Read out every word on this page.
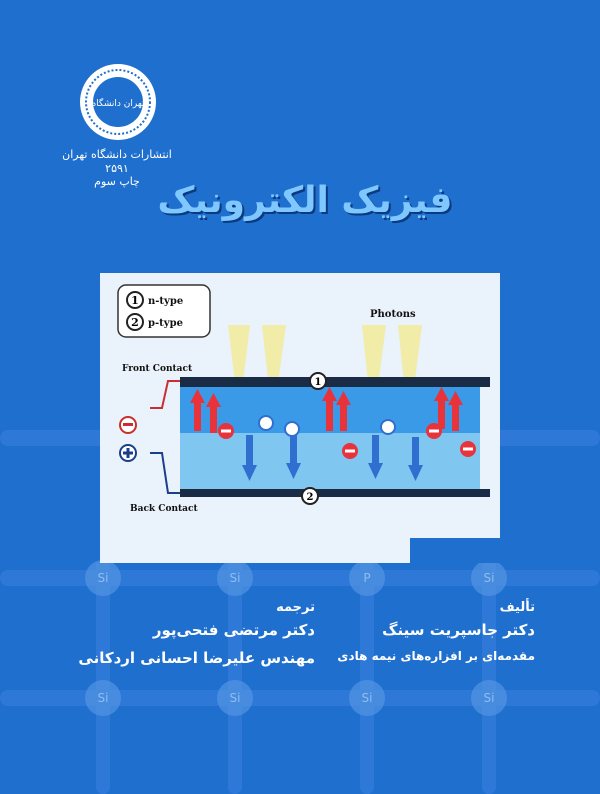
Si	Si	P	Si
Si	Si	Si	Si
تهران دانشگاه
انتشارات دانشگاه تهران
۲۵۹۱
چاپ سوم فیزیک الکترونیک
1 n-type
2 p-type
Photons
Front Contact
Back Contact
1
2
تألیف
دکتر جاسپریت سینگ
مقدمه‌ای بر افزاره‌های نیمه هادی
ترجمه
دکتر مرتضی فتحی‌پور
مهندس علیرضا احسانی اردکانی
